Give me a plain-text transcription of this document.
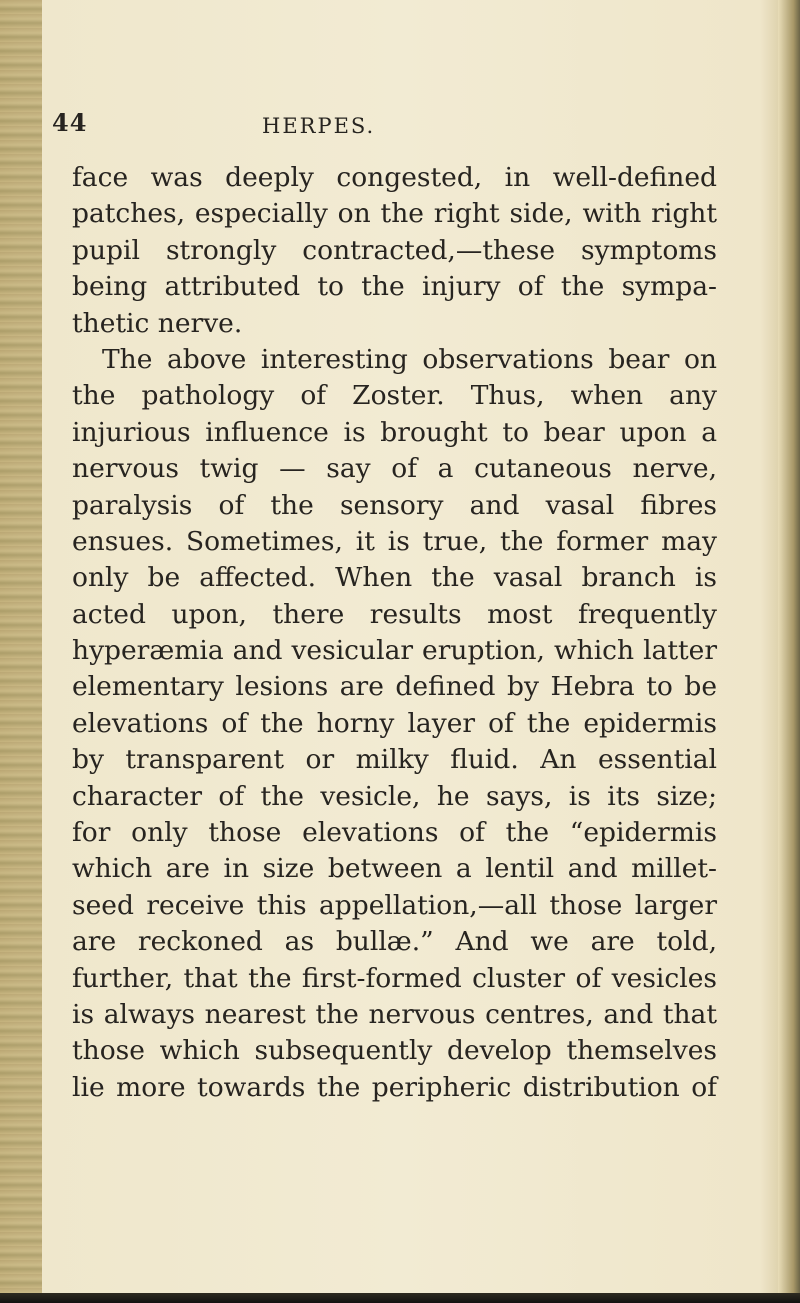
44	HERPES.
face was deeply congested, in well-defined
patches, especially on the right side, with right
pupil strongly contracted,—these symptoms
being attributed to the injury of the sympa-
thetic nerve.
The above interesting observations bear on
the pathology of Zoster. Thus, when any
injurious influence is brought to bear upon a
nervous twig — say of a cutaneous nerve,
paralysis of the sensory and vasal fibres
ensues. Sometimes, it is true, the former may
only be affected. When the vasal branch is
acted upon, there results most frequently
hyperæmia and vesicular eruption, which latter
elementary lesions are defined by Hebra to be
elevations of the horny layer of the epidermis
by transparent or milky fluid. An essential
character of the vesicle, he says, is its size;
for only those elevations of the “epidermis
which are in size between a lentil and millet-
seed receive this appellation,—all those larger
are reckoned as bullæ.” And we are told,
further, that the first-formed cluster of vesicles
is always nearest the nervous centres, and that
those which subsequently develop themselves
lie more towards the peripheric distribution of
